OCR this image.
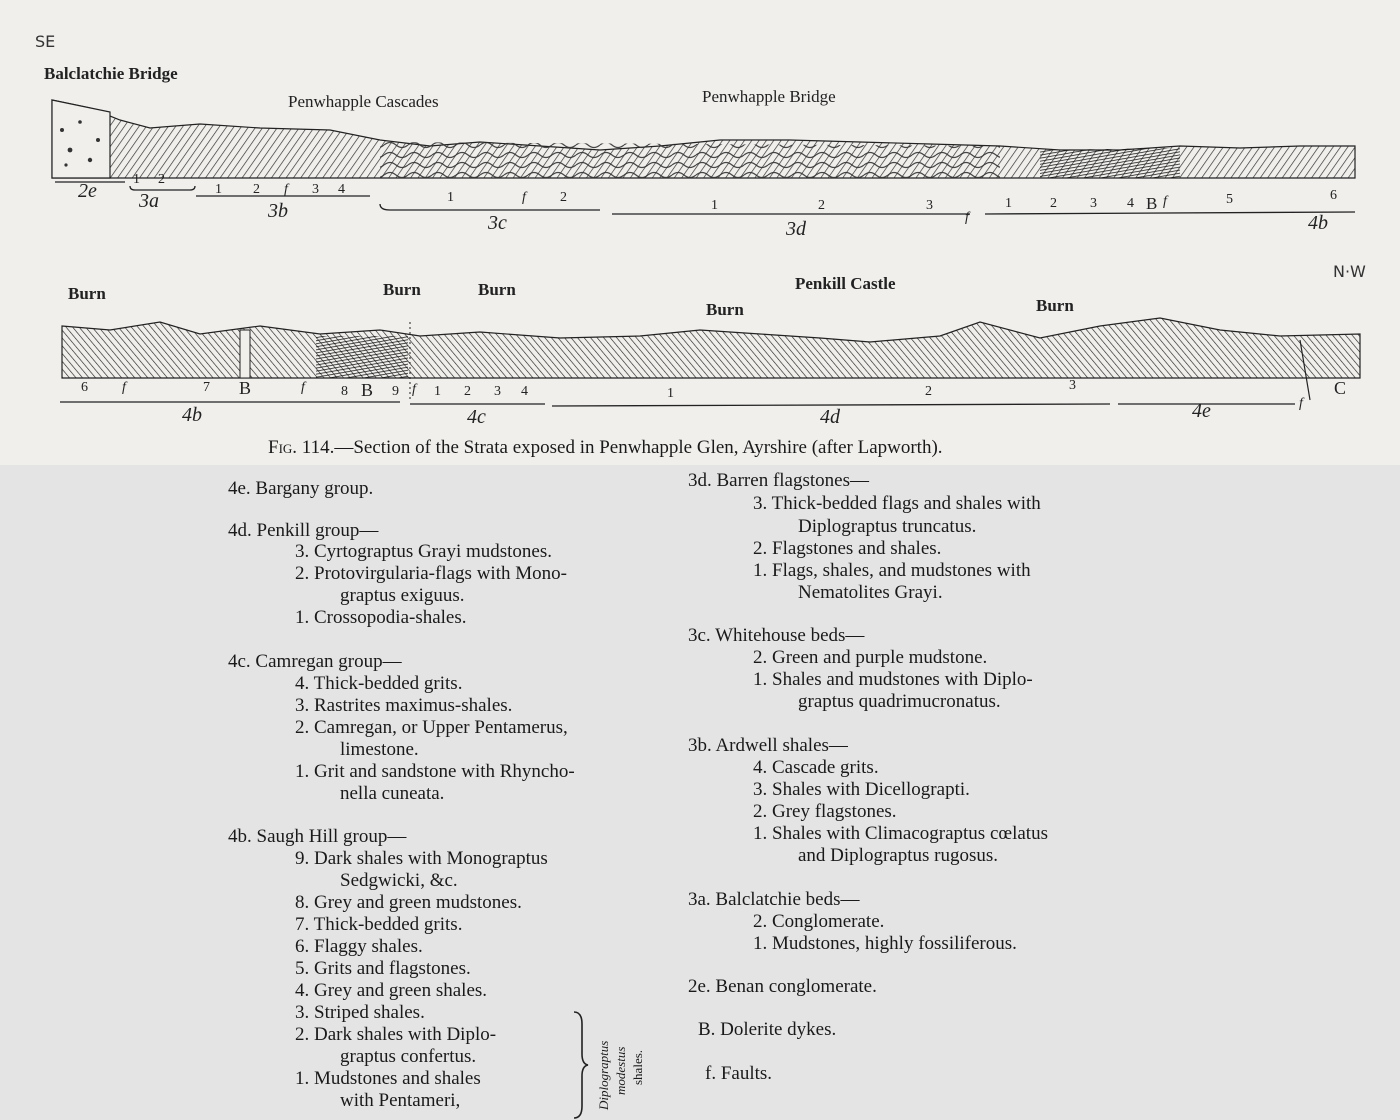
SE
N·W
Balclatchie Bridge
Penwhapple Cascades	Penwhapple Bridge
1 2
1 2 f 3 4
1	f 2
1	2	3
f
1	2 3 4 B f	5	6
2e 3a	3b
3c	3d	4b
Burn	Burn	Burn
Burn
Penkill Castle
Burn
6 f	7 B	f	8 B 9 f 1 2 3 4	1	2	3
f
C
4b	4c	4d	4e
Fig. 114.—Section of the Strata exposed in Penwhapple Glen, Ayrshire (after Lapworth).
4e. Bargany group.
4d. Penkill group—
3. Cyrtograptus Grayi mudstones.
2. Protovirgularia-flags with Mono-
graptus exiguus.
1. Crossopodia-shales.
4c. Camregan group—
4. Thick-bedded grits.
3. Rastrites maximus-shales.
2. Camregan, or Upper Pentamerus,
limestone.
1. Grit and sandstone with Rhyncho-
nella cuneata.
4b. Saugh Hill group—
9. Dark shales with Monograptus
Sedgwicki, &c.
8. Grey and green mudstones.
7. Thick-bedded grits.
6. Flaggy shales.
5. Grits and flagstones.
4. Grey and green shales.
3. Striped shales.
2. Dark shales with Diplo-
graptus confertus.
1. Mudstones and shales
with Pentameri,	Diplograptus modestus shales.
3d. Barren flagstones—
3. Thick-bedded flags and shales with
Diplograptus truncatus.
2. Flagstones and shales.
1. Flags, shales, and mudstones with
Nematolites Grayi.
3c. Whitehouse beds—
2. Green and purple mudstone.
1. Shales and mudstones with Diplo-
graptus quadrimucronatus.
3b. Ardwell shales—
4. Cascade grits.
3. Shales with Dicellograpti.
2. Grey flagstones.
1. Shales with Climacograptus cœlatus
and Diplograptus rugosus.
3a. Balclatchie beds—
2. Conglomerate.
1. Mudstones, highly fossiliferous.
2e. Benan conglomerate.
B. Dolerite dykes.
f. Faults.
